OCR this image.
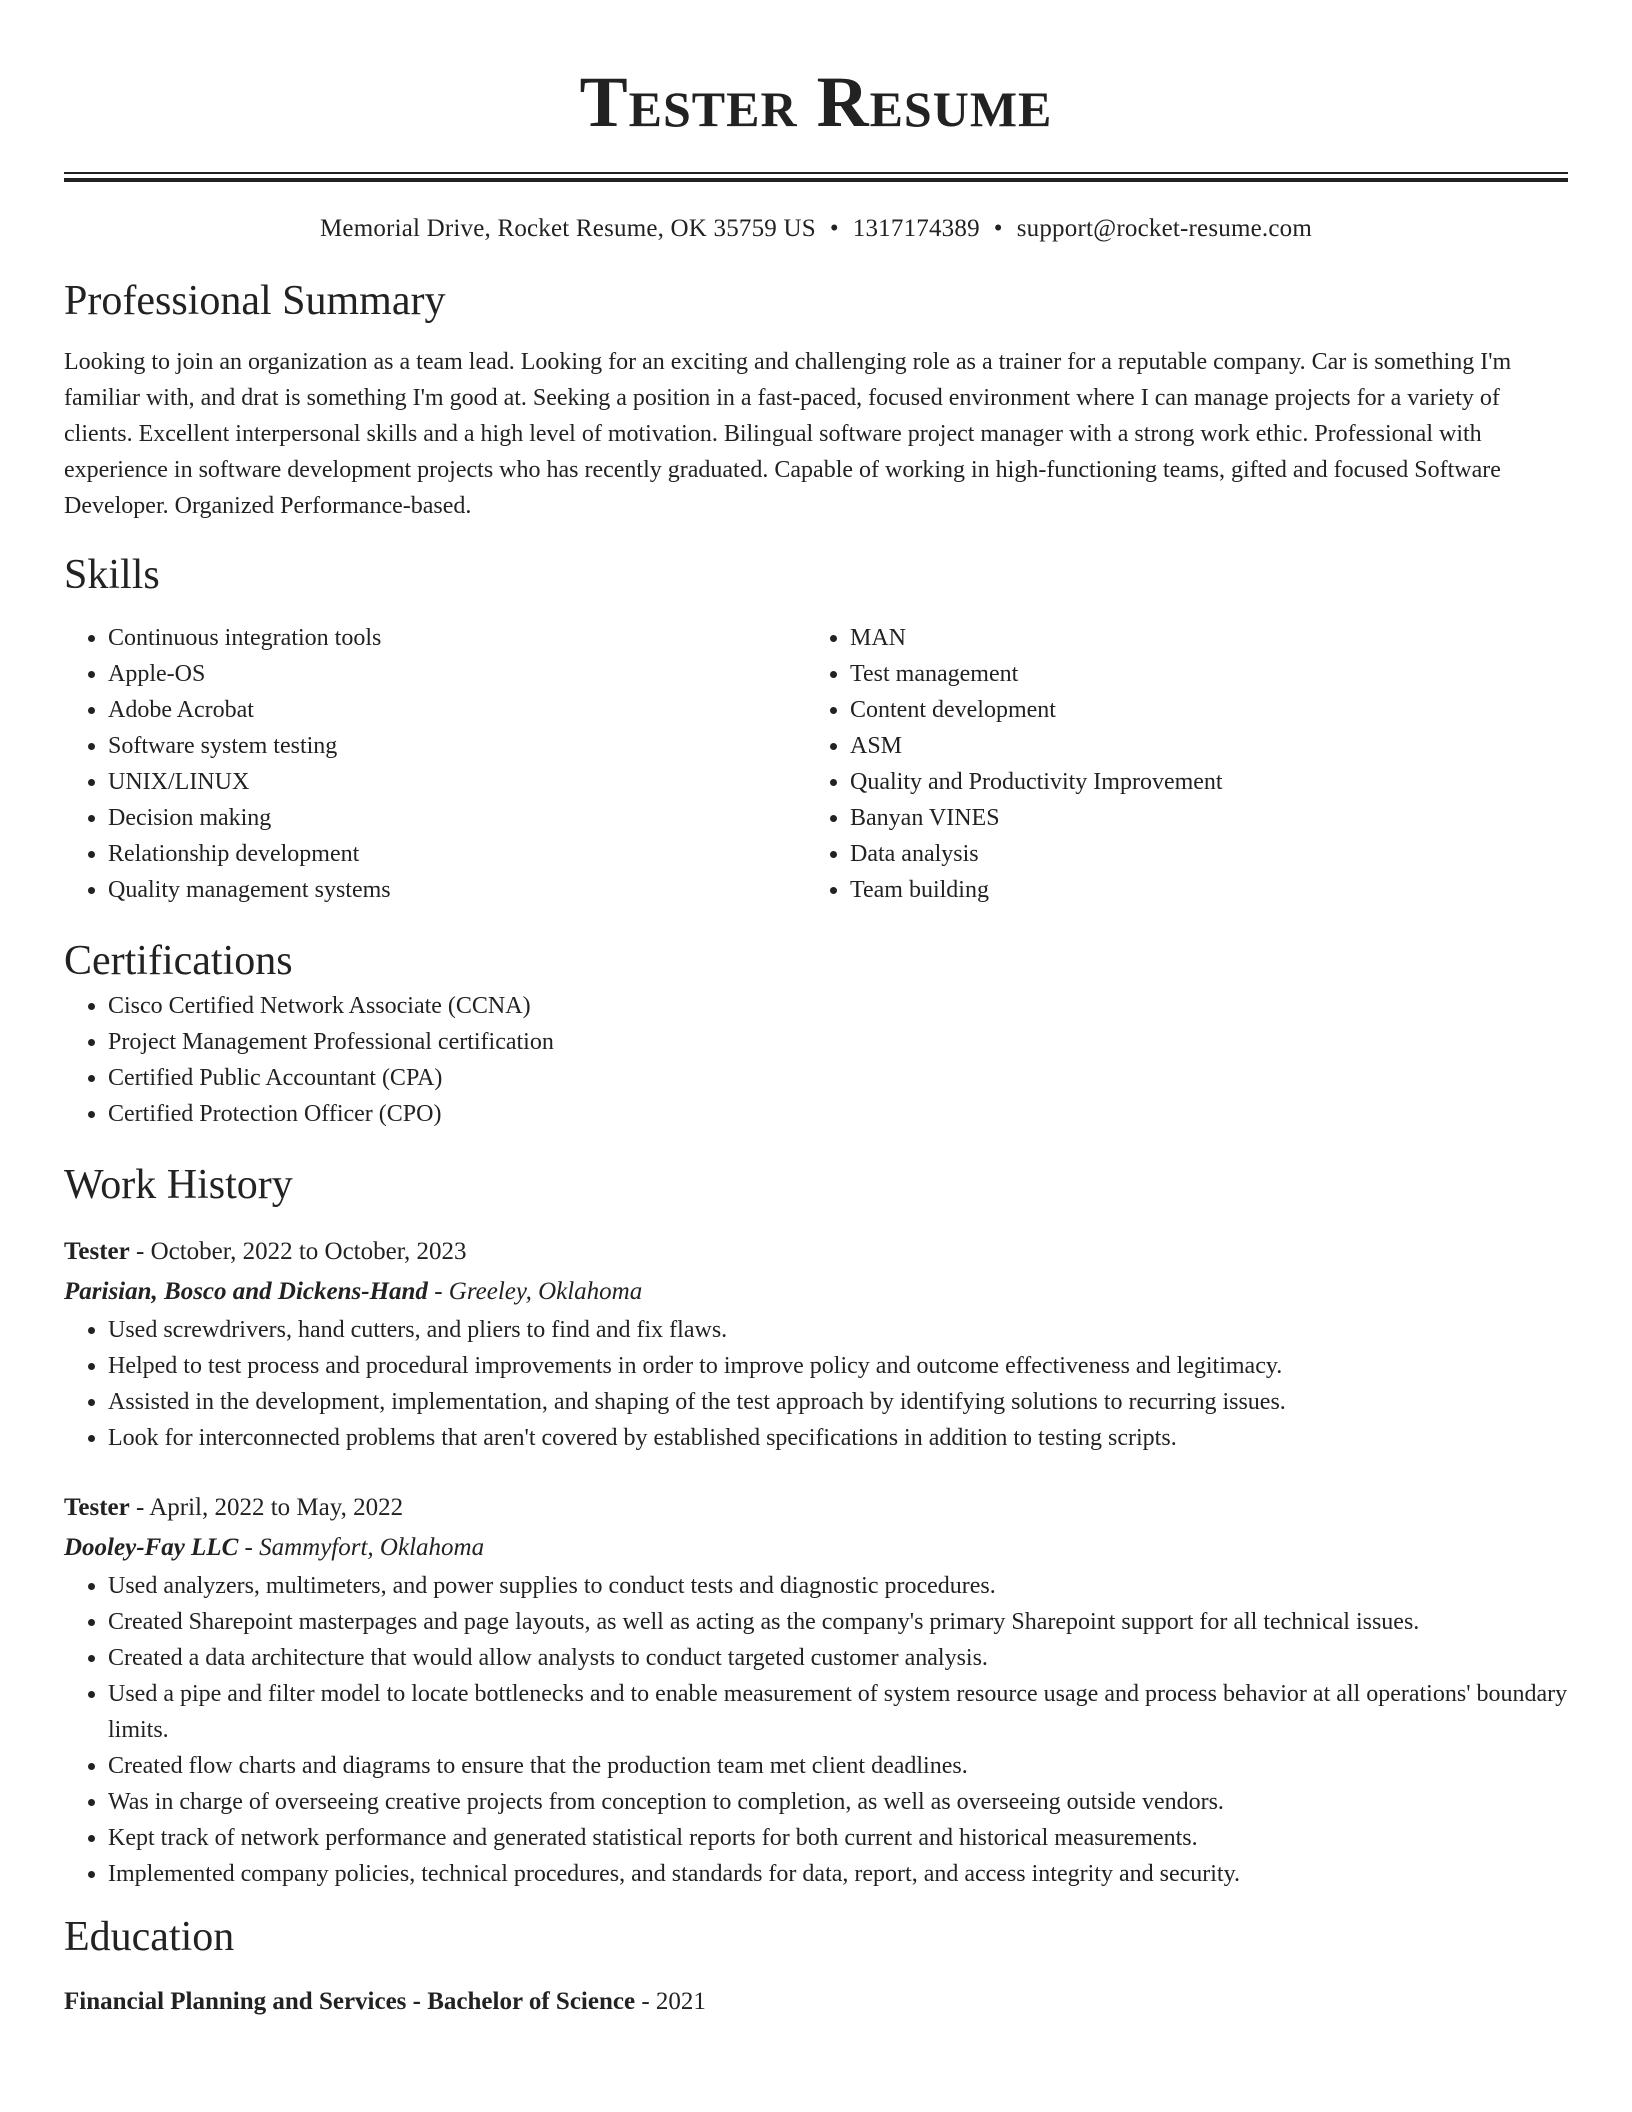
Tester Resume
Memorial Drive, Rocket Resume, OK 35759 US • 1317174389 • support@rocket-resume.com
Professional Summary

Looking to join an organization as a team lead. Looking for an exciting and challenging role as a trainer for a reputable company. Car is something I'm familiar with, and drat is something I'm good at. Seeking a position in a fast-paced, focused environment where I can manage projects for a variety of clients. Excellent interpersonal skills and a high level of motivation. Bilingual software project manager with a strong work ethic. Professional with experience in software development projects who has recently graduated. Capable of working in high-functioning teams, gifted and focused Software Developer. Organized Performance-based.

Skills
• Continuous integration tools
• Apple-OS
• Adobe Acrobat
• Software system testing
• UNIX/LINUX
• Decision making
• Relationship development
• Quality management systems
• MAN
• Test management
• Content development
• ASM
• Quality and Productivity Improvement
• Banyan VINES
• Data analysis
• Team building
Certifications
• Cisco Certified Network Associate (CCNA)
• Project Management Professional certification
• Certified Public Accountant (CPA)
• Certified Protection Officer (CPO)
Work History
Tester - October, 2022 to October, 2023
Parisian, Bosco and Dickens-Hand - Greeley, Oklahoma
• Used screwdrivers, hand cutters, and pliers to find and fix flaws.
• Helped to test process and procedural improvements in order to improve policy and outcome effectiveness and legitimacy.
• Assisted in the development, implementation, and shaping of the test approach by identifying solutions to recurring issues.
• Look for interconnected problems that aren't covered by established specifications in addition to testing scripts.
Tester - April, 2022 to May, 2022
Dooley-Fay LLC - Sammyfort, Oklahoma
• Used analyzers, multimeters, and power supplies to conduct tests and diagnostic procedures.
• Created Sharepoint masterpages and page layouts, as well as acting as the company's primary Sharepoint support for all technical issues.
• Created a data architecture that would allow analysts to conduct targeted customer analysis.
• Used a pipe and filter model to locate bottlenecks and to enable measurement of system resource usage and process behavior at all operations' boundary limits.
• Created flow charts and diagrams to ensure that the production team met client deadlines.
• Was in charge of overseeing creative projects from conception to completion, as well as overseeing outside vendors.
• Kept track of network performance and generated statistical reports for both current and historical measurements.
• Implemented company policies, technical procedures, and standards for data, report, and access integrity and security.
Education
Financial Planning and Services - Bachelor of Science - 2021
